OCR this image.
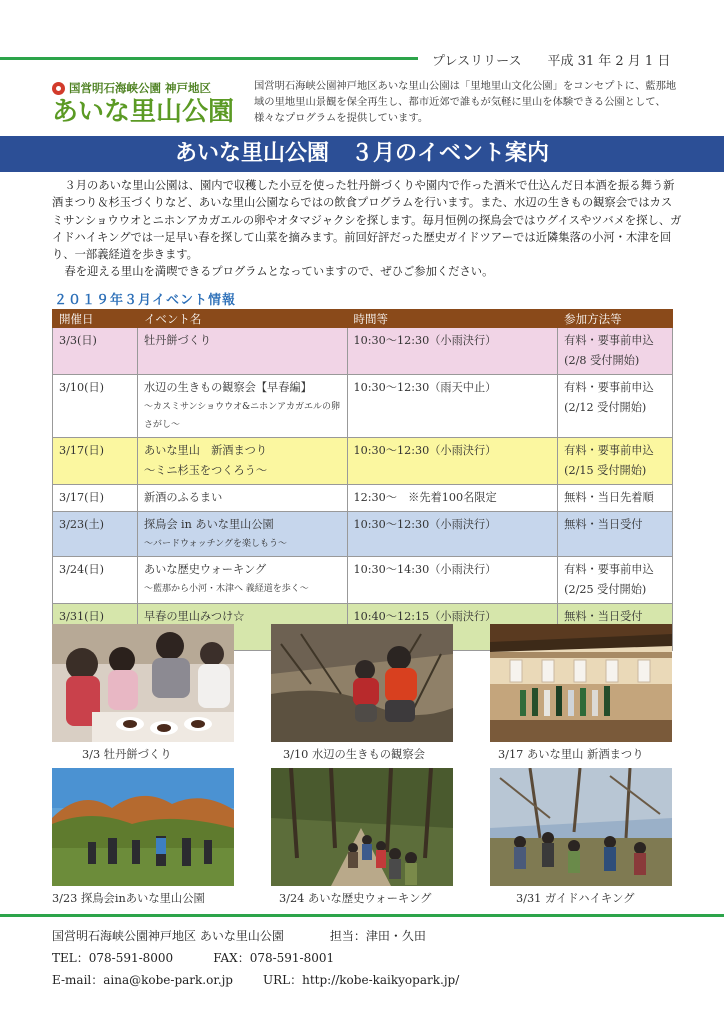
プレスリリース 平成 31 年 2 月 1 日
国営明石海峡公園 神戸地区
あいな里山公園
国営明石海峡公園神戸地区あいな里山公園は「里地里山文化公園」をコンセプトに、藍那地域の里地里山景観を保全再生し、都市近郊で誰もが気軽に里山を体験できる公園として、様々なプログラムを提供しています。
あいな里山公園　３月のイベント案内

３月のあいな里山公園は、園内で収穫した小豆を使った牡丹餅づくりや園内で作った酒米で仕込んだ日本酒を振る舞う新酒まつり＆杉玉づくりなど、あいな里山公園ならではの飲食プログラムを行います。また、水辺の生きもの観察会ではカスミサンショウウオとニホンアカガエルの卵やオタマジャクシを探します。毎月恒例の探鳥会ではウグイスやツバメを探し、ガイドハイキングでは一足早い春を探して山菜を摘みます。前回好評だった歴史ガイドツアーでは近隣集落の小河・木津を回り、一部義経道を歩きます。

春を迎える里山を満喫できるプログラムとなっていますので、ぜひご参加ください。

２０１９年３月イベント情報
開催日	イベント名	時間等	参加方法等
3/3(日)	牡丹餅づくり	10:30～12:30（小雨決行）	有料・要事前申込
(2/8 受付開始)
3/10(日)	水辺の生きもの観察会【早春編】
～カスミサンショウウオ&ニホンアカガエルの卵さがし～	10:30～12:30（雨天中止）	有料・要事前申込
(2/12 受付開始)
3/17(日)	あいな里山　新酒まつり
～ミニ杉玉をつくろう～	10:30～12:30（小雨決行）	有料・要事前申込
(2/15 受付開始)
3/17(日)	新酒のふるまい	12:30～　※先着100名限定	無料・当日先着順
3/23(土)	探鳥会 in あいな里山公園
～バードウォッチングを楽しもう～	10:30～12:30（小雨決行）	無料・当日受付
3/24(日)	あいな歴史ウォーキング
～藍那から小河・木津へ 義経道を歩く～	10:30～14:30（小雨決行）	有料・要事前申込
(2/25 受付開始)
3/31(日)	早春の里山みつけ☆	10:40～12:15（小雨決行）	無料・当日受付
3/3 牡丹餅づくり	3/10 水辺の生きもの観察会	3/17 あいな里山 新酒まつり
3/23 探鳥会inあいな里山公園	3/24 あいな歴史ウォーキング	3/31 ガイドハイキング
国営明石海峡公園神戸地区 あいな里山公園	担当：津田・久田
TEL：078-591-8000	FAX：078-591-8001
E-mail：aina@kobe-park.or.jp	URL：http://kobe-kaikyopark.jp/
